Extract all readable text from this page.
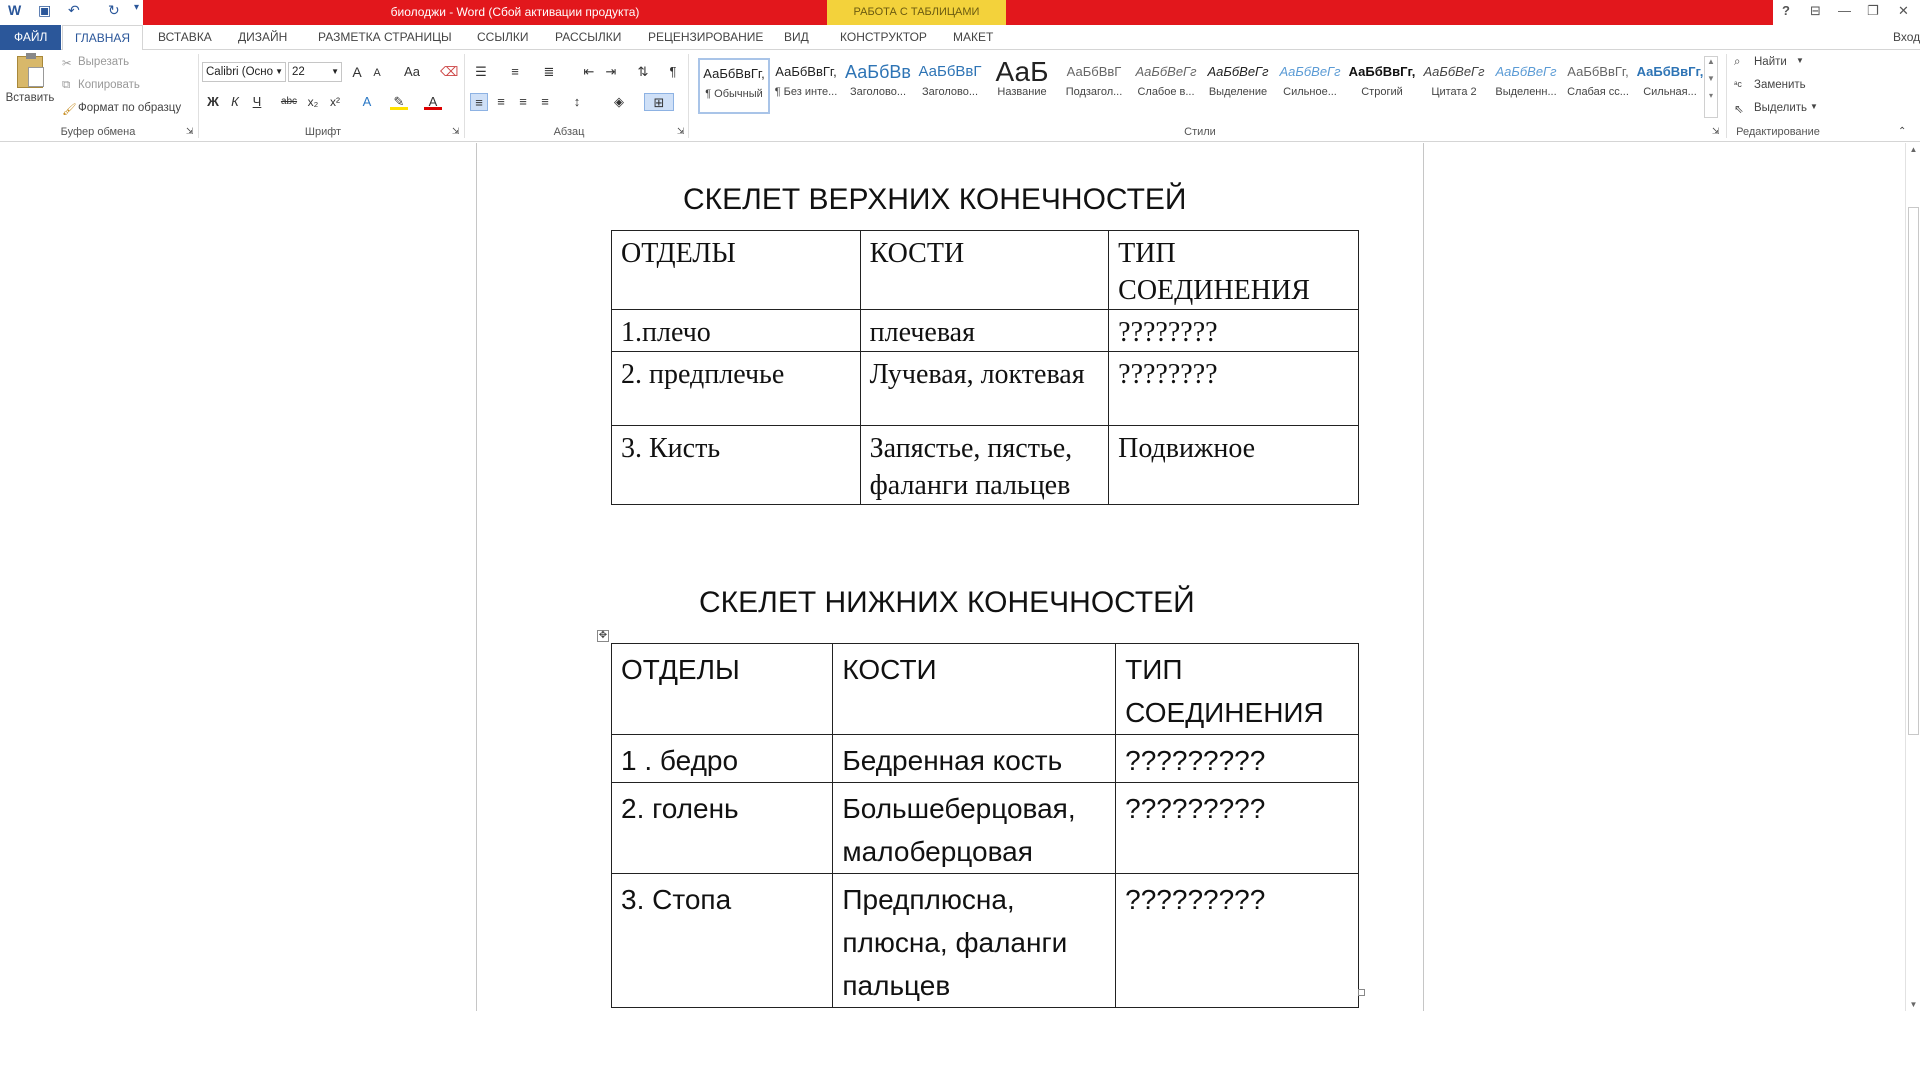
W ▣ ↶ ↻ ▾	биолоджи - Word (Сбой активации продукта)	РАБОТА С ТАБЛИЦАМИ	? ⊟ — ❐ ✕
ФАЙЛ	ГЛАВНАЯ	ВСТАВКА ДИЗАЙН	РАЗМЕТКА СТРАНИЦЫ ССЫЛКИ РАССЫЛКИ РЕЦЕНЗИРОВАНИЕ ВИД	КОНСТРУКТОР МАКЕТ	Вход
Вставить
✂ Вырезать
⧉ Копировать
🖌 Формат по образцу
Буфер обмена	⇲
Calibri (Осно ▼ 22	▼ A	A	Aa	⌫
Ж К	Ч	abc x₂ x²	A	✎	A
Шрифт	⇲
☰	≡	≣ ⇤ ⇥ ⇅	¶
≡	≡	≡	≡	↕	◈	⊞
Абзац	⇲
АаБбВвГг,
¶ Обычный
АаБбВвГг,
¶ Без инте...
АаБбВв
Заголово...
АаБбВвГ
Заголово...
АаБ
Название
АаБбВвГ
Подзагол...
АаБбВеГг
Слабое в...
АаБбВеГг
Выделение
АаБбВеГг
Сильное...
АаБбВвГг,
Строгий
АаБбВеГг
Цитата 2
АаБбВеГг
Выделенн...
АаБбВвГг,
Слабая сс...
АаБбВвГг,
Сильная...
▲
▼
▾
Стили	⇲
⌕ Найти ▼
ᵃc Заменить
⇖ Выделить ▼
Редактирование	⌃
СКЕЛЕТ ВЕРХНИХ КОНЕЧНОСТЕЙ
ОТДЕЛЫ	КОСТИ	ТИП СОЕДИНЕНИЯ
1.плечо	плечевая	????????
2. предплечье	Лучевая, локтевая	????????
3. Кисть	Запястье, пястье, фаланги пальцев	Подвижное
СКЕЛЕТ НИЖНИХ КОНЕЧНОСТЕЙ
✥
ОТДЕЛЫ	КОСТИ	ТИП СОЕДИНЕНИЯ
1 . бедро	Бедренная кость	?????????
2. голень	Большеберцовая, малоберцовая	?????????
3. Стопа	Предплюсна, плюсна, фаланги пальцев	?????????
▲
▼
